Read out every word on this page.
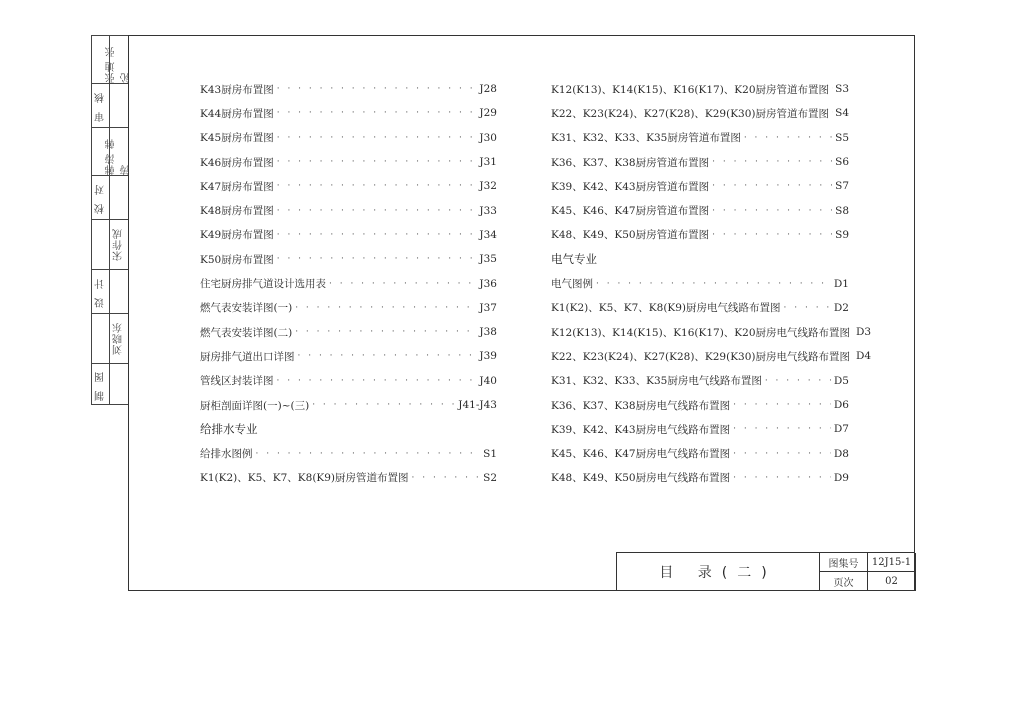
张迪 张沁
审 核
韩涛 韩涛
校 对
宋作成
设 计
刘晓东
制 图
K43厨房布置图 · · ·	J28
K44厨房布置图 · · ·	J29
K45厨房布置图 · · ·	J30
K46厨房布置图 · · ·	J31
K47厨房布置图 · · ·	J32
K48厨房布置图 · · ·	J33
K49厨房布置图 · · ·	J34
K50厨房布置图 · · ·	J35
住宅厨房排气道设计选用表 · · ·	J36
燃气表安装详图(一) · · ·	J37
燃气表安装详图(二) · · ·	J38
厨房排气道出口详图 · · ·	J39
管线区封装详图 · · ·	J40
厨柜剖面详图(一)~(三) · · ·	J41-J43
给排水专业
给排水图例 · · ·	S1
K1(K2)、K5、K7、K8(K9)厨房管道布置图 · · ·	S2
K12(K13)、K14(K15)、K16(K17)、K20厨房管道布置图 · · · S3
K22、K23(K24)、K27(K28)、K29(K30)厨房管道布置图 · · · S4
K31、K32、K33、K35厨房管道布置图 · · ·	S5
K36、K37、K38厨房管道布置图 · · ·	S6
K39、K42、K43厨房管道布置图 · · ·	S7
K45、K46、K47厨房管道布置图 · · ·	S8
K48、K49、K50厨房管道布置图 · · ·	S9
电气专业
电气图例 · · ·	D1
K1(K2)、K5、K7、K8(K9)厨房电气线路布置图 · · ·	D2
K12(K13)、K14(K15)、K16(K17)、K20厨房电气线路布置图 D3
K22、K23(K24)、K27(K28)、K29(K30)厨房电气线路布置图 D4
K31、K32、K33、K35厨房电气线路布置图 · · ·	D5
K36、K37、K38厨房电气线路布置图 · · ·	D6
K39、K42、K43厨房电气线路布置图 · · ·	D7
K45、K46、K47厨房电气线路布置图 · · ·	D8
K48、K49、K50厨房电气线路布置图 · · ·	D9
目 录(二)
图集号	12J15-1
页次	02
